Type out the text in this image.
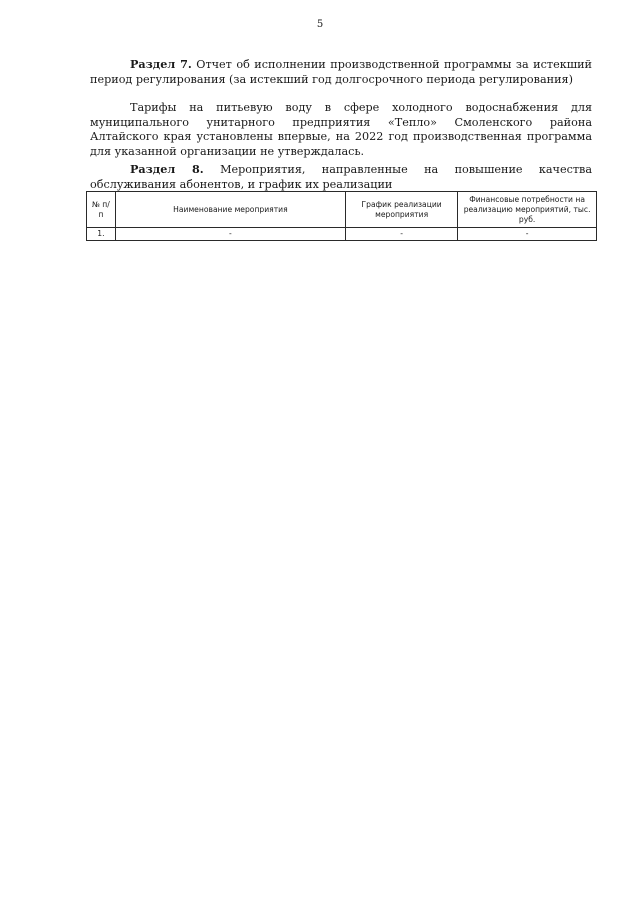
5

Раздел 7. Отчет об исполнении производственной программы за истекший период регулирования (за истекший год долгосрочного периода регулирования)

Тарифы на питьевую воду в сфере холодного водоснабжения для муниципального унитарного предприятия «Тепло» Смоленского района Алтайского края установлены впервые, на 2022 год производственная программа для указанной организации не утверждалась.

Раздел 8. Мероприятия, направленные на повышение качества обслуживания абонентов, и график их реализации

№ п/п	Наименование мероприятия	График реализации мероприятия	Финансовые потребности на реализацию мероприятий, тыс. руб.
1.	-	-	-
